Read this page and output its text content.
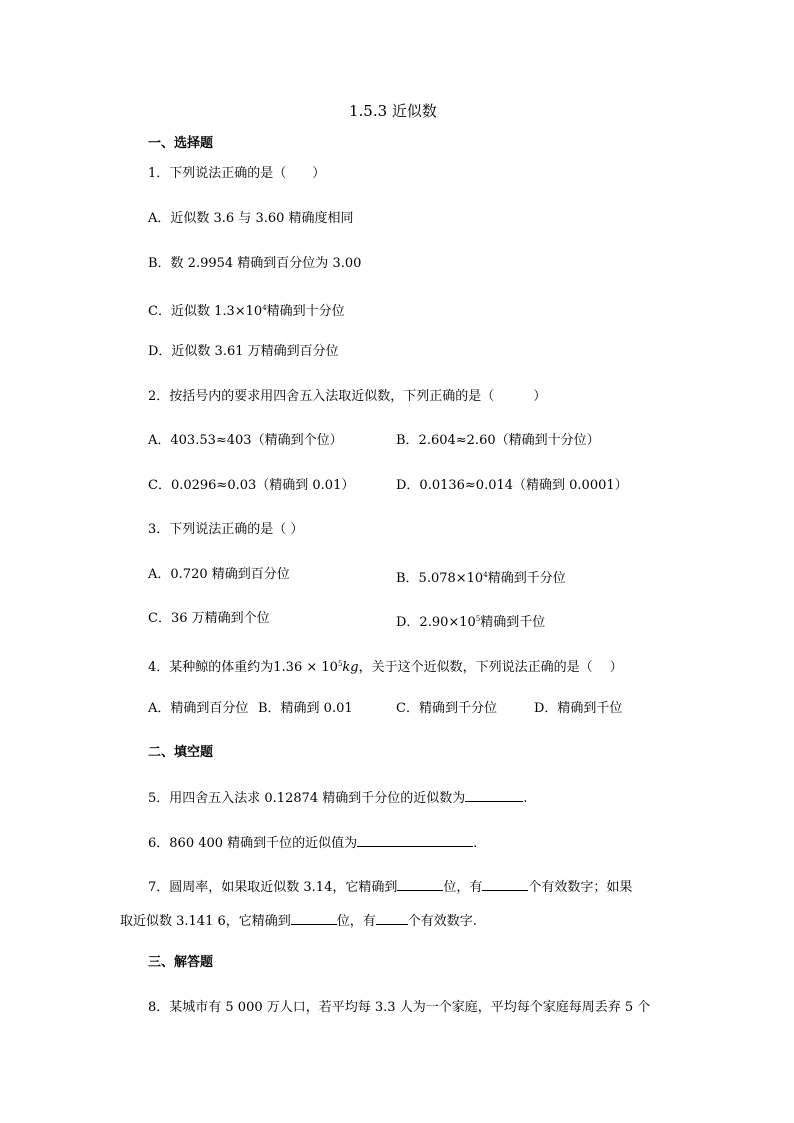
1.5.3 近似数
一、选择题
1．下列说法正确的是（　　）
A．近似数 3.6 与 3.60 精确度相同
B．数 2.9954 精确到百分位为 3.00
C．近似数 $1.3\times 10^4$精确到十分位
D．近似数 3.61 万精确到百分位
2．按括号内的要求用四舍五入法取近似数，下列正确的是（　　　）
A．403.53≈403（精确到个位）	B．2.604≈2.60（精确到十分位）
C．0.0296≈0.03（精确到 0.01）	D．0.0136≈0.014（精确到 0.0001）
3．下列说法正确的是（ ）
A．0.720 精确到百分位	B．$5.078\times 10^4$精确到千分位
C．36 万精确到个位	D．$2.90\times 10^5$精确到千位
4．某种鲸的体重约为$1.36 \times 10^5kg$，关于这个近似数，下列说法正确的是（　 ）
A．精确到百分位 B．精确到 0.01	C．精确到千分位	D．精确到千位
二、填空题
5．用四舍五入法求 0.12874 精确到千分位的近似数为	.
6．860 400 精确到千位的近似值为	.
7．圆周率，如果取近似数 3.14，它精确到	位，有	个有效数字；如果
取近似数 3.141 6，它精确到	位，有 个有效数字.
三、解答题
8．某城市有 5 000 万人口，若平均每 3.3 人为一个家庭，平均每个家庭每周丢弃 5 个
